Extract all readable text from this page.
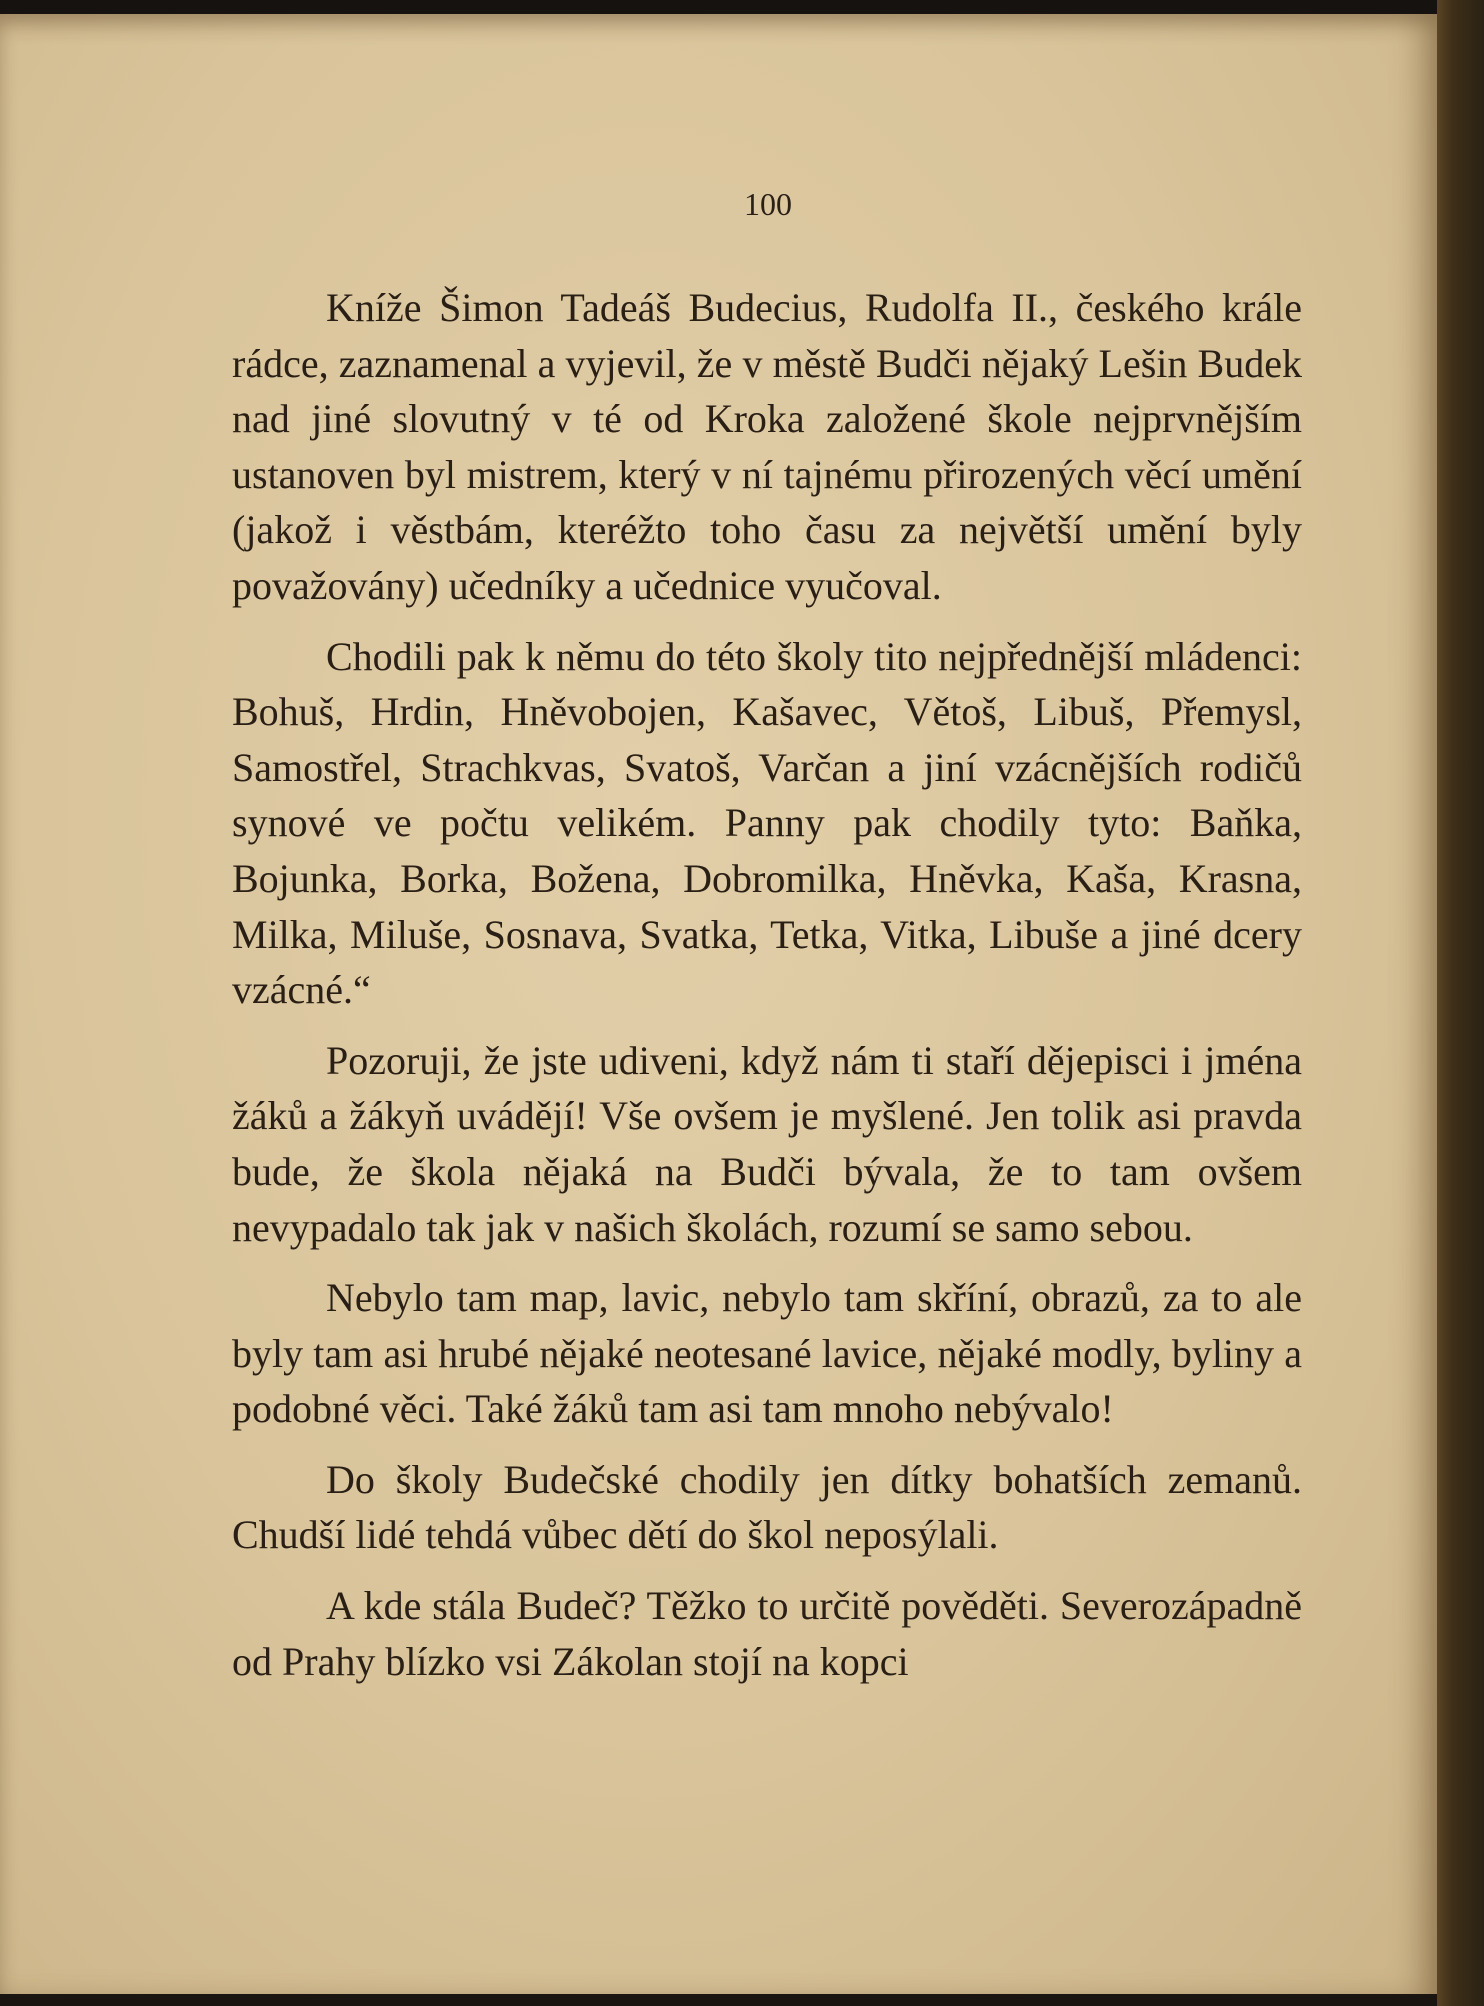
100

Kníže Šimon Tadeáš Budecius, Rudolfa II., českého krále rádce, zaznamenal a vyjevil, že v městě Budči nějaký Lešin Budek nad jiné slovutný v té od Kroka založené škole nejprvnějším ustanoven byl mistrem, který v ní tajnému přirozených věcí umění (jakož i věstbám, kteréžto toho času za největší umění byly považovány) učedníky a učednice vyučoval.

Chodili pak k němu do této školy tito nejpřednější mládenci: Bohuš, Hrdin, Hněvobojen, Kašavec, Větoš, Libuš, Přemysl, Samostřel, Strachkvas, Svatoš, Varčan a jiní vzácnějších rodičů synové ve počtu velikém. Panny pak chodily tyto: Baňka, Bojunka, Borka, Božena, Dobromilka, Hněvka, Kaša, Krasna, Milka, Miluše, Sosnava, Svatka, Tetka, Vitka, Libuše a jiné dcery vzácné.“

Pozoruji, že jste udiveni, když nám ti staří dějepisci i jména žáků a žákyň uvádějí! Vše ovšem je myšlené. Jen tolik asi pravda bude, že škola nějaká na Budči bývala, že to tam ovšem nevypadalo tak jak v našich školách, rozumí se samo sebou.

Nebylo tam map, lavic, nebylo tam skříní, obrazů, za to ale byly tam asi hrubé nějaké neotesané lavice, nějaké modly, byliny a podobné věci. Také žáků tam asi tam mnoho nebývalo!

Do školy Budečské chodily jen dítky bohatších zemanů. Chudší lidé tehdá vůbec dětí do škol neposýlali.

A kde stála Budeč? Těžko to určitě pověděti. Severozápadně od Prahy blízko vsi Zákolan stojí na kopci
